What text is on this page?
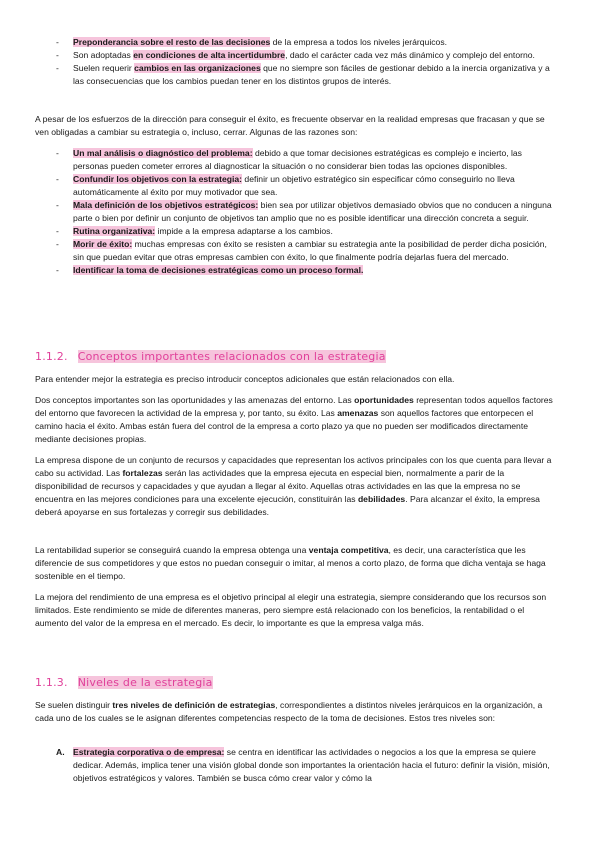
- Preponderancia sobre el resto de las decisiones de la empresa a todos los niveles jerárquicos.
- Son adoptadas en condiciones de alta incertidumbre, dado el carácter cada vez más dinámico y complejo del entorno.
- Suelen requerir cambios en las organizaciones que no siempre son fáciles de gestionar debido a la inercia organizativa y a las consecuencias que los cambios puedan tener en los distintos grupos de interés.

A pesar de los esfuerzos de la dirección para conseguir el éxito, es frecuente observar en la realidad empresas que fracasan y que se ven obligadas a cambiar su estrategia o, incluso, cerrar. Algunas de las razones son:

- Un mal análisis o diagnóstico del problema: debido a que tomar decisiones estratégicas es complejo e incierto, las personas pueden cometer errores al diagnosticar la situación o no considerar bien todas las opciones disponibles.
- Confundir los objetivos con la estrategia: definir un objetivo estratégico sin especificar cómo conseguirlo no lleva automáticamente al éxito por muy motivador que sea.
- Mala definición de los objetivos estratégicos: bien sea por utilizar objetivos demasiado obvios que no conducen a ninguna parte o bien por definir un conjunto de objetivos tan amplio que no es posible identificar una dirección concreta a seguir.
- Rutina organizativa: impide a la empresa adaptarse a los cambios.
- Morir de éxito: muchas empresas con éxito se resisten a cambiar su estrategia ante la posibilidad de perder dicha posición, sin que puedan evitar que otras empresas cambien con éxito, lo que finalmente podría dejarlas fuera del mercado.
- Identificar la toma de decisiones estratégicas como un proceso formal.
1.1.2. Conceptos importantes relacionados con la estrategia

Para entender mejor la estrategia es preciso introducir conceptos adicionales que están relacionados con ella.

Dos conceptos importantes son las oportunidades y las amenazas del entorno. Las oportunidades representan todos aquellos factores del entorno que favorecen la actividad de la empresa y, por tanto, su éxito. Las amenazas son aquellos factores que entorpecen el camino hacia el éxito. Ambas están fuera del control de la empresa a corto plazo ya que no pueden ser modificados directamente mediante decisiones propias.

La empresa dispone de un conjunto de recursos y capacidades que representan los activos principales con los que cuenta para llevar a cabo su actividad. Las fortalezas serán las actividades que la empresa ejecuta en especial bien, normalmente a parir de la disponibilidad de recursos y capacidades y que ayudan a llegar al éxito. Aquellas otras actividades en las que la empresa no se encuentra en las mejores condiciones para una excelente ejecución, constituirán las debilidades. Para alcanzar el éxito, la empresa deberá apoyarse en sus fortalezas y corregir sus debilidades.

La rentabilidad superior se conseguirá cuando la empresa obtenga una ventaja competitiva, es decir, una característica que les diferencie de sus competidores y que estos no puedan conseguir o imitar, al menos a corto plazo, de forma que dicha ventaja se haga sostenible en el tiempo.

La mejora del rendimiento de una empresa es el objetivo principal al elegir una estrategia, siempre considerando que los recursos son limitados. Este rendimiento se mide de diferentes maneras, pero siempre está relacionado con los beneficios, la rentabilidad o el aumento del valor de la empresa en el mercado. Es decir, lo importante es que la empresa valga más.

1.1.3. Niveles de la estrategia

Se suelen distinguir tres niveles de definición de estrategias, correspondientes a distintos niveles jerárquicos en la organización, a cada uno de los cuales se le asignan diferentes competencias respecto de la toma de decisiones. Estos tres niveles son:

A. Estrategia corporativa o de empresa: se centra en identificar las actividades o negocios a los que la empresa se quiere dedicar. Además, implica tener una visión global donde son importantes la orientación hacia el futuro: definir la visión, misión, objetivos estratégicos y valores. También se busca cómo crear valor y cómo la
